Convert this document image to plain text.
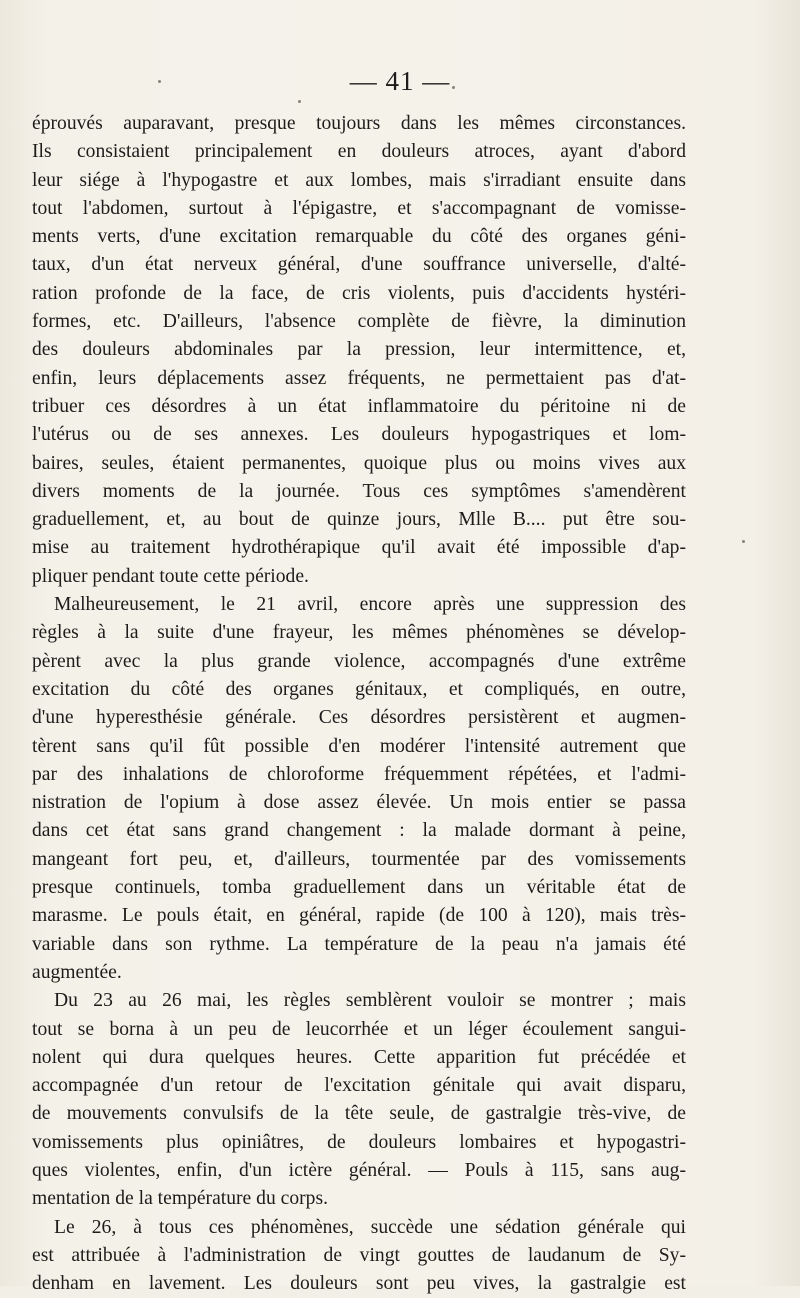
— 41 —
éprouvés auparavant, presque toujours dans les mêmes circonstances.
Ils consistaient principalement en douleurs atroces, ayant d'abord
leur siége à l'hypogastre et aux lombes, mais s'irradiant ensuite dans
tout l'abdomen, surtout à l'épigastre, et s'accompagnant de vomisse-
ments verts, d'une excitation remarquable du côté des organes géni-
taux, d'un état nerveux général, d'une souffrance universelle, d'alté-
ration profonde de la face, de cris violents, puis d'accidents hystéri-
formes, etc. D'ailleurs, l'absence complète de fièvre, la diminution
des douleurs abdominales par la pression, leur intermittence, et,
enfin, leurs déplacements assez fréquents, ne permettaient pas d'at-
tribuer ces désordres à un état inflammatoire du péritoine ni de
l'utérus ou de ses annexes. Les douleurs hypogastriques et lom-
baires, seules, étaient permanentes, quoique plus ou moins vives aux
divers moments de la journée. Tous ces symptômes s'amendèrent
graduellement, et, au bout de quinze jours, Mlle B.... put être sou-
mise au traitement hydrothérapique qu'il avait été impossible d'ap-
pliquer pendant toute cette période.
Malheureusement, le 21 avril, encore après une suppression des
règles à la suite d'une frayeur, les mêmes phénomènes se dévelop-
pèrent avec la plus grande violence, accompagnés d'une extrême
excitation du côté des organes génitaux, et compliqués, en outre,
d'une hyperesthésie générale. Ces désordres persistèrent et augmen-
tèrent sans qu'il fût possible d'en modérer l'intensité autrement que
par des inhalations de chloroforme fréquemment répétées, et l'admi-
nistration de l'opium à dose assez élevée. Un mois entier se passa
dans cet état sans grand changement : la malade dormant à peine,
mangeant fort peu, et, d'ailleurs, tourmentée par des vomissements
presque continuels, tomba graduellement dans un véritable état de
marasme. Le pouls était, en général, rapide (de 100 à 120), mais très-
variable dans son rythme. La température de la peau n'a jamais été
augmentée.
Du 23 au 26 mai, les règles semblèrent vouloir se montrer ; mais
tout se borna à un peu de leucorrhée et un léger écoulement sangui-
nolent qui dura quelques heures. Cette apparition fut précédée et
accompagnée d'un retour de l'excitation génitale qui avait disparu,
de mouvements convulsifs de la tête seule, de gastralgie très-vive, de
vomissements plus opiniâtres, de douleurs lombaires et hypogastri-
ques violentes, enfin, d'un ictère général. — Pouls à 115, sans aug-
mentation de la température du corps.
Le 26, à tous ces phénomènes, succède une sédation générale qui
est attribuée à l'administration de vingt gouttes de laudanum de Sy-
denham en lavement. Les douleurs sont peu vives, la gastralgie est
